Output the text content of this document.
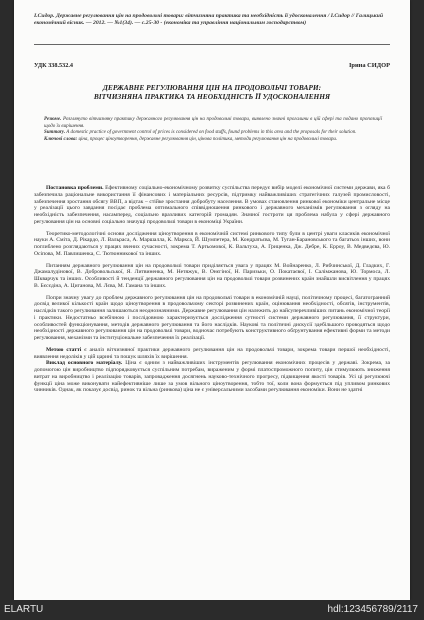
І.Сидор. Державне регулювання цін на продовольчі товари: вітчизняна практика та необхідність її удосконалення / І.Сидор // Галицький економічний вісник. — 2012. — №1(34). — с.25-30 - (економіка та управління національним господарством)
УДК 338.532.4	Ірина СИДОР
ДЕРЖАВНЕ РЕГУЛЮВАННЯ ЦІН НА ПРОДОВОЛЬЧІ ТОВАРИ:
ВІТЧИЗНЯНА ПРАКТИКА ТА НЕОБХІДНІСТЬ ЇЇ УДОСКОНАЛЕННЯ
Резюме. Розглянуто вітчизняну практику державного регулювання цін на продовольчі товари, виявлено значні прогалини в цій сфері та подано пропозиції щодо їх вирішення.
Summary. A domestic practice of government control of prices is considered on food stuffs, found problems in this area and the proposals for their solution.
Ключові слова: ціна, процес ціноутворення, державне регулювання цін, цінова політика, методи регулювання цін на продовольчі товари.

Постановка проблеми. Ефективному соціально-економічному розвитку суспільства передує вибір моделі економічної системи держави, яка б забезпечила раціональне використання її фінансових і матеріальних ресурсів, підтримку найважливіших стратегічних галузей промисловості, забезпечення зростання обсягу ВВП, а відтак – стійке зростання добробуту населення. В умовах становлення ринкової економіки центральне місце у реалізації цього завдання посідає проблема оптимального співвідношення ринкового і державного механізмів регулювання з огляду на необхідність забезпечення, насамперед, соціально вразливих категорій громадян. Значної гостроти ця проблема набула у сфері державного регулювання цін на основні соціально значущі продовольчі товари в економіці України.

Теоретико-методологічні основи дослідження ціноутворення в економічній системі ринкового типу були в центрі уваги класиків економічної науки А. Сміта, Д. Рікардо, Л. Вальраса, А. Маршалла, К. Маркса, Й. Шумпетера, М. Кондратьєва, М. Туган-Барановського та багатьох інших, вони поглиблено розглядаються у працях вчених сучасності, зокрема Т. Артьомової, К. Вальтуха, А. Гриценка, Дж. Дебре, К. Ерроу, В. Медведєва, Ю. Осіпова, М. Павлишенка, С. Тютюнникової та інших.

Питанням державного регулювання цін на продовольчі товари приділяється увага у працях М. Войнаренко, Л. Рибчинської, Д. Гладких, Г. Джамалудінової, В. Добровольської, Я. Литвиненка, М. Нетяжук, В. Онєгіної, Н. Паризьки, О. Покатаєвої, І. Салімжанова, Ю. Тормоса, Л. Шкварчук та інших. Особливості й тенденції державного регулювання цін на продовольчі товари розвинених країн знайшли висвітлення у працях В. Бєсєдіна, А. Циганова, М. Лєва, М. Гамана та інших.

Попри значну увагу до проблем державного регулювання цін на продовольчі товари в економічній науці, політичному процесі, багатогранний досвід великої кількості країн щодо ціноутворення в продовольчому секторі розвинених країн, оцінювання необхідності, обсягів, інструментів, наслідків такого регулювання залишаються неоднозначними. Державне регулювання цін належить до найсуперечливіших питань економічної теорії і практики. Недостатньо всебічною і послідовною характеризується дослідження сутності системи державного регулювання, її структури, особливостей функціонування, методів державного регулювання та його наслідків. Наукові та політичні дискусії здебільшого проводяться щодо необхідності державного регулювання цін на продовольчі товари, водночас потребують конструктивного обґрунтування ефективні форми та методи регулювання, механізми та інституціональне забезпечення їх реалізації.

Метою статті є аналіз вітчизняної практики державного регулювання цін на продовольчі товари, зокрема товари першої необхідності, виявлення недоліків у цій царині та пошук шляхів їх вирішення.

Виклад основного матеріалу. Ціна є одним з найважливіших інструментів регулювання економічних процесів у державі. Зокрема, за допомогою цін виробництво підпорядковується суспільним потребам, вираженим у формі платоспроможного попиту, цін стимулюють зниження витрат на виробництво і реалізацію товарів, запровадження досягнень науково-технічного прогресу, підвищення якості товарів. Усі ці регулюючі функції ціна може виконувати найефективніше лише за умов вільного ціноутворення, тобто тої, коли вона формується під упливом ринкових чинників. Однак, як показує досвід, ринок та вільна (ринкова) ціна не є універсальними засобами регулювання економіки. Вони не здатні

ELARTU	hdl:123456789/2117
